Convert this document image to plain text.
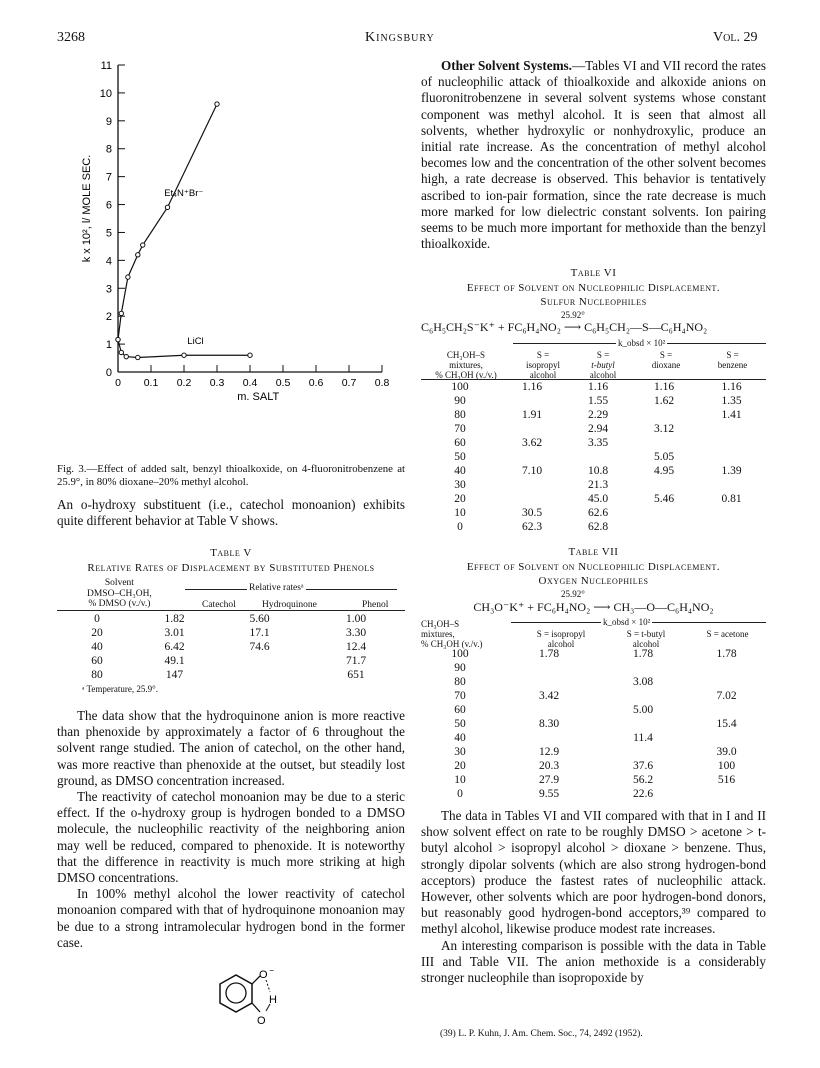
3268	Kingsbury	Vol. 29
0
1
2
3
4
5
6
7
8
9
10
11
0 0.1 0.2 0.3 0.4 0.5 0.6 0.7 0.8
m. SALT
k x 10², l/ MOLE SEC.	Et₄N⁺Br⁻
LiCl
Fig. 3.—Effect of added salt, benzyl thioalkoxide, on 4-fluoronitrobenzene at 25.9°, in 80% dioxane–20% methyl alcohol.

An o-hydroxy substituent (i.e., catechol monoanion) exhibits quite different behavior at Table V shows.

Table V
Relative Rates of Displacement by Substituted Phenols
Solvent
DMSO–CH₃OH,
% DMSO (v./v.)
Relative ratesᵃ
Catechol	Hydroquinone	Phenol
0	1.82	5.60	1.00
20	3.01	17.1	3.30
40	6.42	74.6	12.4
60	49.1		71.7
80	147		651
ᵃ Temperature, 25.9°.

The data show that the hydroquinone anion is more reactive than phenoxide by approximately a factor of 6 throughout the solvent range studied. The anion of catechol, on the other hand, was more reactive than phenoxide at the outset, but steadily lost ground, as DMSO concentration increased.

The reactivity of catechol monoanion may be due to a steric effect. If the o-hydroxy group is hydrogen bonded to a DMSO molecule, the nucleophilic reactivity of the neighboring anion may well be reduced, compared to phenoxide. It is noteworthy that the difference in reactivity is much more striking at high DMSO concentrations.

In 100% methyl alcohol the lower reactivity of catechol monoanion compared with that of hydroquinone monoanion may be due to a strong intramolecular hydrogen bond in the former case.

O ‾
H
O

Other Solvent Systems.—Tables VI and VII record the rates of nucleophilic attack of thioalkoxide and alkoxide anions on fluoronitrobenzene in several solvent systems whose constant component was methyl alcohol. It is seen that almost all solvents, whether hydroxylic or nonhydroxylic, produce an initial rate increase. As the concentration of methyl alcohol becomes low and the concentration of the other solvent becomes high, a rate decrease is observed. This behavior is tentatively ascribed to ion-pair formation, since the rate decrease is much more marked for low dielectric constant solvents. Ion pairing seems to be much more important for methoxide than the benzyl thioalkoxide.

Table VI
Effect of Solvent on Nucleophilic Displacement.
Sulfur Nucleophiles
25.92°
C₆H₅CH₂S⁻K⁺ + FC₆H₄NO₂ ⟶ C₆H₅CH₂—S—C₆H₄NO₂
k_obsd × 10²
CH₃OH–S
mixtures,
% CH₃OH (v./v.)
S =
isopropyl
alcohol
S =
t-butyl
alcohol
S =
dioxane
S =
benzene
100	1.16	1.16	1.16	1.16
90		1.55	1.62	1.35
80	1.91	2.29		1.41
70		2.94	3.12	
60	3.62	3.35		
50			5.05	
40	7.10	10.8	4.95	1.39
30		21.3		
20		45.0	5.46	0.81
10	30.5	62.6		
0	62.3	62.8		
Table VII
Effect of Solvent on Nucleophilic Displacement.
Oxygen Nucleophiles
25.92°
CH₃O⁻K⁺ + FC₆H₄NO₂ ⟶ CH₃—O—C₆H₄NO₂
k_obsd × 10²
CH₃OH–S
mixtures,
% CH₃OH (v./v.)
S = isopropyl
alcohol
S = t-butyl
alcohol
S = acetone
100	1.78	1.78	1.78
90			
80		3.08	
70	3.42		7.02
60		5.00	
50	8.30		15.4
40		11.4	
30	12.9		39.0
20	20.3	37.6	100
10	27.9	56.2	516
0	9.55	22.6	

The data in Tables VI and VII compared with that in I and II show solvent effect on rate to be roughly DMSO > acetone > t-butyl alcohol > isopropyl alcohol > dioxane > benzene. Thus, strongly dipolar solvents (which are also strong hydrogen-bond acceptors) produce the fastest rates of nucleophilic attack. However, other solvents which are poor hydrogen-bond donors, but reasonably good hydrogen-bond acceptors,³⁹ compared to methyl alcohol, likewise produce modest rate increases.

An interesting comparison is possible with the data in Table III and Table VII. The anion methoxide is a considerably stronger nucleophile than isopropoxide by

(39) L. P. Kuhn, J. Am. Chem. Soc., 74, 2492 (1952).
